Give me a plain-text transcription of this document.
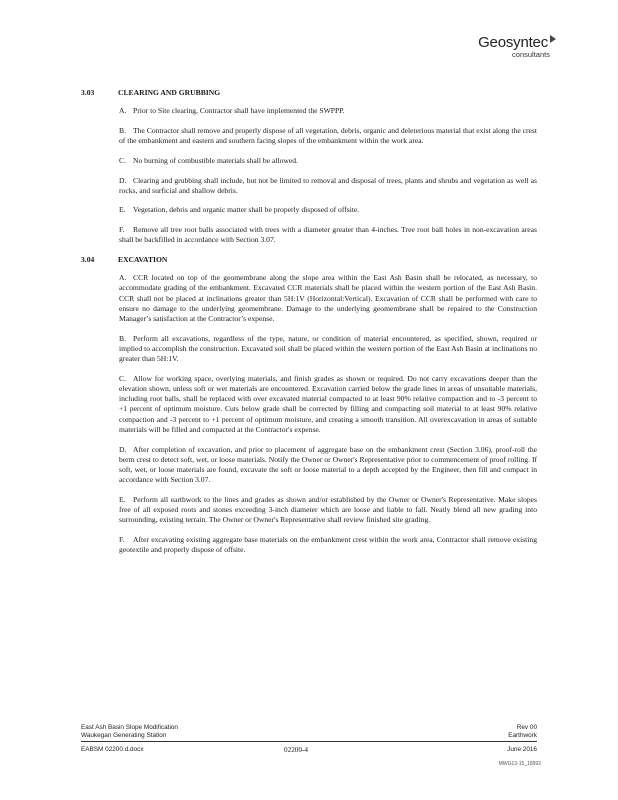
Geosyntec
consultants
3.03	CLEARING AND GRUBBING

A. Prior to Site clearing, Contractor shall have implemented the SWPPP.

B. The Contractor shall remove and properly dispose of all vegetation, debris, organic and deleterious material that exist along the crest of the embankment and eastern and southern facing slopes of the embankment within the work area.

C. No burning of combustible materials shall be allowed.

D. Clearing and grubbing shall include, but not be limited to removal and disposal of trees, plants and shrubs and vegetation as well as rocks, and surficial and shallow debris.

E. Vegetation, debris and organic matter shall be properly disposed of offsite.

F. Remove all tree root balls associated with trees with a diameter greater than 4-inches. Tree root ball holes in non-excavation areas shall be backfilled in accordance with Section 3.07.

3.04	EXCAVATION

A. CCR located on top of the geomembrane along the slope area within the East Ash Basin shall be relocated, as necessary, to accommodate grading of the embankment. Excavated CCR materials shall be placed within the western portion of the East Ash Basin. CCR shall not be placed at inclinations greater than 5H:1V (Horizontal:Vertical). Excavation of CCR shall be performed with care to ensure no damage to the underlying geomembrane. Damage to the underlying geomembrane shall be repaired to the Construction Manager’s satisfaction at the Contractor’s expense.

B. Perform all excavations, regardless of the type, nature, or condition of material encountered, as specified, shown, required or implied to accomplish the construction. Excavated soil shall be placed within the western portion of the East Ash Basin at inclinations no greater than 5H:1V.

C. Allow for working space, overlying materials, and finish grades as shown or required. Do not carry excavations deeper than the elevation shown, unless soft or wet materials are encountered. Excavation carried below the grade lines in areas of unsuitable materials, including root balls, shall be replaced with over excavated material compacted to at least 90% relative compaction and to -3 percent to +1 percent of optimum moisture. Cuts below grade shall be corrected by filling and compacting soil material to at least 90% relative compaction and -3 percent to +1 percent of optimum moisture, and creating a smooth transition. All overexcavation in areas of suitable materials will be filled and compacted at the Contractor's expense.

D. After completion of excavation, and prior to placement of aggregate base on the embankment crest (Section 3.06), proof-roll the berm crest to detect soft, wet, or loose materials. Notify the Owner or Owner's Representative prior to commencement of proof rolling. If soft, wet, or loose materials are found, excavate the soft or loose material to a depth accepted by the Engineer, then fill and compact in accordance with Section 3.07.

E. Perform all earthwork to the lines and grades as shown and/or established by the Owner or Owner's Representative. Make slopes free of all exposed roots and stones exceeding 3-inch diameter which are loose and liable to fall. Neatly blend all new grading into surrounding, existing terrain. The Owner or Owner's Representative shall review finished site grading.

F. After excavating existing aggregate base materials on the embankment crest within the work area, Contractor shall remove existing geotextile and properly dispose of offsite.

East Ash Basin Slope Modification	Rev 00
Waukegan Generating Station	Earthwork
EABSM 02200.d.docx	June 2016
02200-4
MWG13-15_18992
